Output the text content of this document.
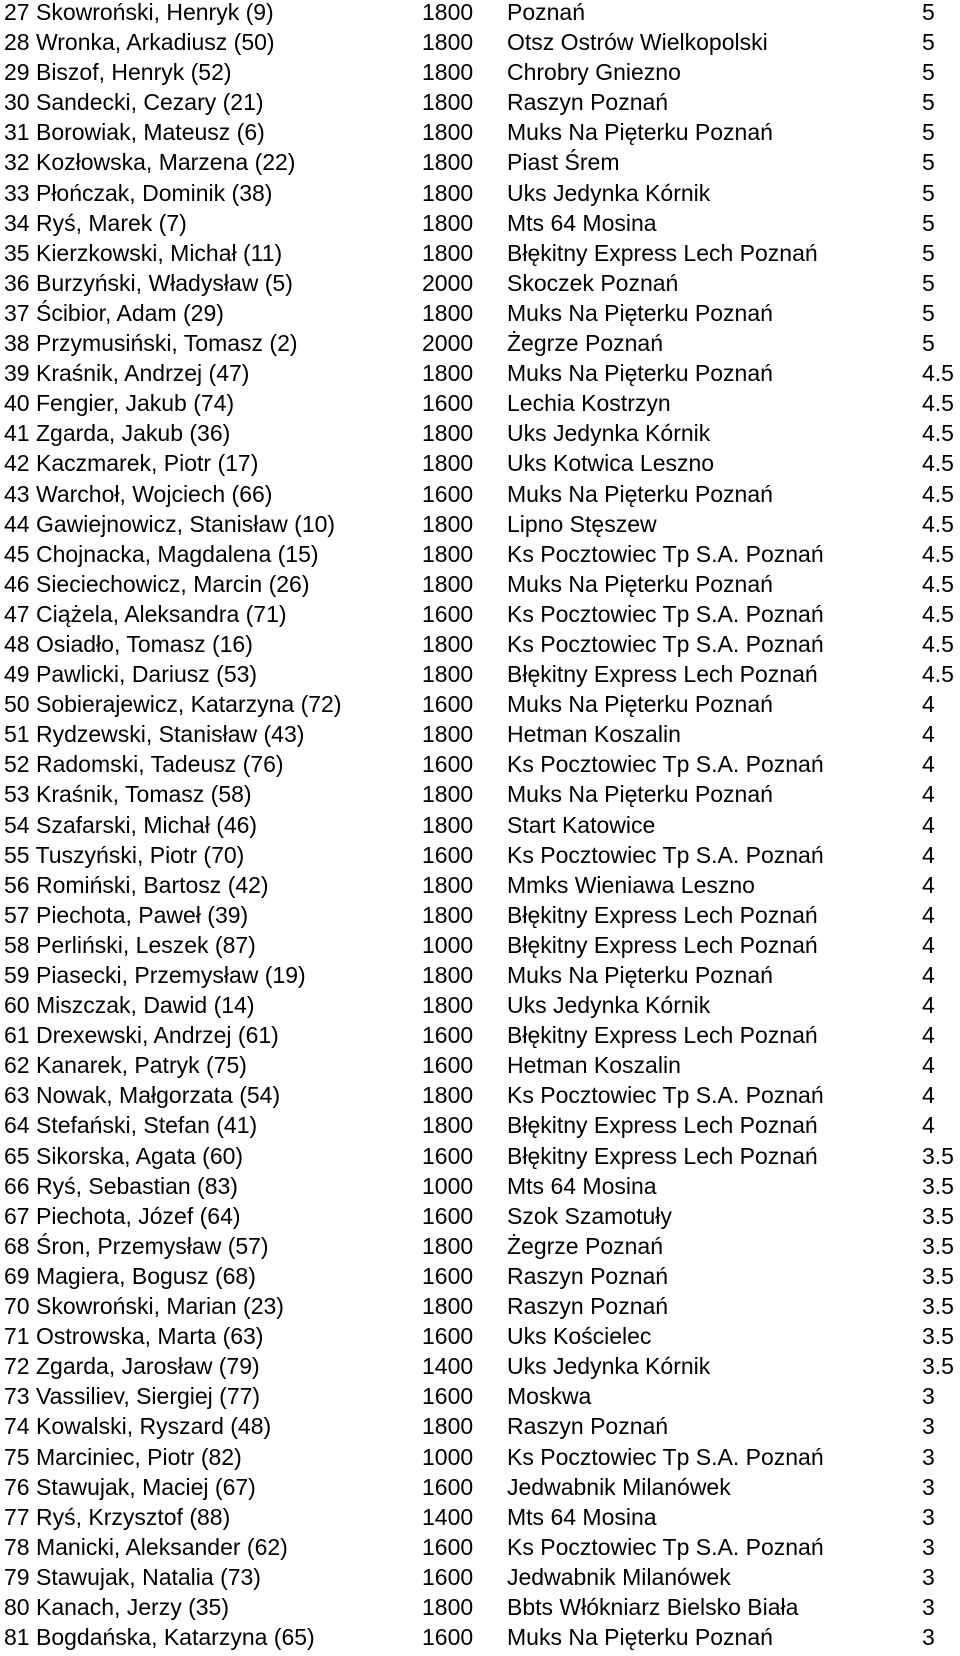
27 Skowroński, Henryk (9)	1800 Poznań	5
28 Wronka, Arkadiusz (50)	1800 Otsz Ostrów Wielkopolski	5
29 Biszof, Henryk (52)	1800 Chrobry Gniezno	5
30 Sandecki, Cezary (21)	1800 Raszyn Poznań	5
31 Borowiak, Mateusz (6)	1800 Muks Na Pięterku Poznań	5
32 Kozłowska, Marzena (22)	1800 Piast Śrem	5
33 Płończak, Dominik (38)	1800 Uks Jedynka Kórnik	5
34 Ryś, Marek (7)	1800 Mts 64 Mosina	5
35 Kierzkowski, Michał (11)	1800 Błękitny Express Lech Poznań	5
36 Burzyński, Władysław (5)	2000 Skoczek Poznań	5
37 Ścibior, Adam (29)	1800 Muks Na Pięterku Poznań	5
38 Przymusiński, Tomasz (2)	2000 Żegrze Poznań	5
39 Kraśnik, Andrzej (47)	1800 Muks Na Pięterku Poznań	4.5
40 Fengier, Jakub (74)	1600 Lechia Kostrzyn	4.5
41 Zgarda, Jakub (36)	1800 Uks Jedynka Kórnik	4.5
42 Kaczmarek, Piotr (17)	1800 Uks Kotwica Leszno	4.5
43 Warchoł, Wojciech (66)	1600 Muks Na Pięterku Poznań	4.5
44 Gawiejnowicz, Stanisław (10)	1800 Lipno Stęszew	4.5
45 Chojnacka, Magdalena (15)	1800 Ks Pocztowiec Tp S.A. Poznań	4.5
46 Sieciechowicz, Marcin (26)	1800 Muks Na Pięterku Poznań	4.5
47 Ciążela, Aleksandra (71)	1600 Ks Pocztowiec Tp S.A. Poznań	4.5
48 Osiadło, Tomasz (16)	1800 Ks Pocztowiec Tp S.A. Poznań	4.5
49 Pawlicki, Dariusz (53)	1800 Błękitny Express Lech Poznań	4.5
50 Sobierajewicz, Katarzyna (72)	1600 Muks Na Pięterku Poznań	4
51 Rydzewski, Stanisław (43)	1800 Hetman Koszalin	4
52 Radomski, Tadeusz (76)	1600 Ks Pocztowiec Tp S.A. Poznań	4
53 Kraśnik, Tomasz (58)	1800 Muks Na Pięterku Poznań	4
54 Szafarski, Michał (46)	1800 Start Katowice	4
55 Tuszyński, Piotr (70)	1600 Ks Pocztowiec Tp S.A. Poznań	4
56 Romiński, Bartosz (42)	1800 Mmks Wieniawa Leszno	4
57 Piechota, Paweł (39)	1800 Błękitny Express Lech Poznań	4
58 Perliński, Leszek (87)	1000 Błękitny Express Lech Poznań	4
59 Piasecki, Przemysław (19)	1800 Muks Na Pięterku Poznań	4
60 Miszczak, Dawid (14)	1800 Uks Jedynka Kórnik	4
61 Drexewski, Andrzej (61)	1600 Błękitny Express Lech Poznań	4
62 Kanarek, Patryk (75)	1600 Hetman Koszalin	4
63 Nowak, Małgorzata (54)	1800 Ks Pocztowiec Tp S.A. Poznań	4
64 Stefański, Stefan (41)	1800 Błękitny Express Lech Poznań	4
65 Sikorska, Agata (60)	1600 Błękitny Express Lech Poznań	3.5
66 Ryś, Sebastian (83)	1000 Mts 64 Mosina	3.5
67 Piechota, Józef (64)	1600 Szok Szamotuły	3.5
68 Śron, Przemysław (57)	1800 Żegrze Poznań	3.5
69 Magiera, Bogusz (68)	1600 Raszyn Poznań	3.5
70 Skowroński, Marian (23)	1800 Raszyn Poznań	3.5
71 Ostrowska, Marta (63)	1600 Uks Kościelec	3.5
72 Zgarda, Jarosław (79)	1400 Uks Jedynka Kórnik	3.5
73 Vassiliev, Siergiej (77)	1600 Moskwa	3
74 Kowalski, Ryszard (48)	1800 Raszyn Poznań	3
75 Marciniec, Piotr (82)	1000 Ks Pocztowiec Tp S.A. Poznań	3
76 Stawujak, Maciej (67)	1600 Jedwabnik Milanówek	3
77 Ryś, Krzysztof (88)	1400 Mts 64 Mosina	3
78 Manicki, Aleksander (62)	1600 Ks Pocztowiec Tp S.A. Poznań	3
79 Stawujak, Natalia (73)	1600 Jedwabnik Milanówek	3
80 Kanach, Jerzy (35)	1800 Bbts Włókniarz Bielsko Biała	3
81 Bogdańska, Katarzyna (65)	1600 Muks Na Pięterku Poznań	3
